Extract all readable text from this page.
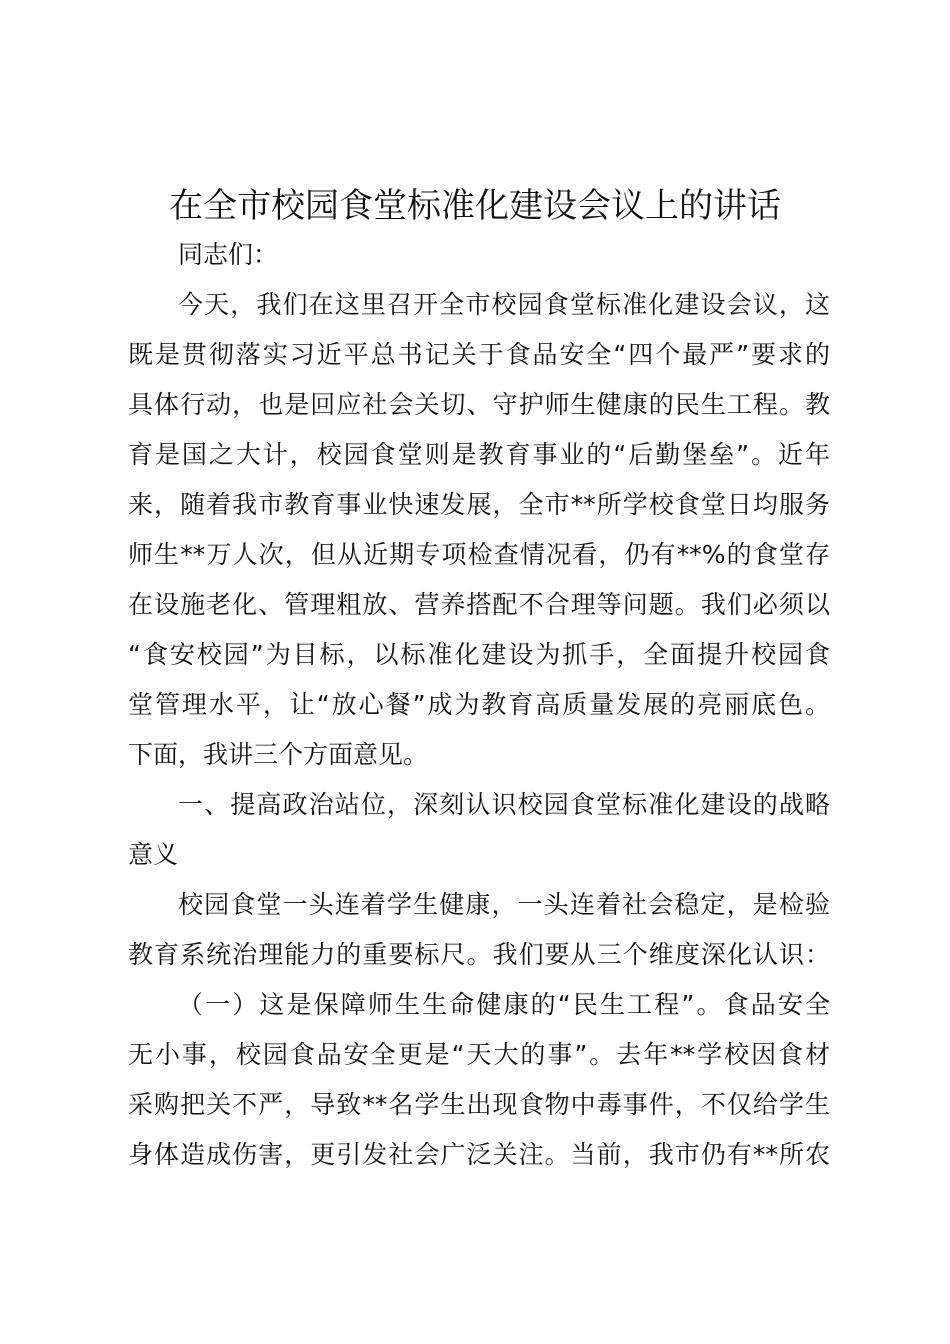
在全市校园食堂标准化建设会议上的讲话
同志们：
今天，我们在这里召开全市校园食堂标准化建设会议，这
既是贯彻落实习近平总书记关于食品安全“四个最严”要求的
具体行动，也是回应社会关切、守护师生健康的民生工程。教
育是国之大计，校园食堂则是教育事业的“后勤堡垒”。近年
来，随着我市教育事业快速发展，全市**所学校食堂日均服务
师生**万人次，但从近期专项检查情况看，仍有**%的食堂存
在设施老化、管理粗放、营养搭配不合理等问题。我们必须以
“食安校园”为目标，以标准化建设为抓手，全面提升校园食
堂管理水平，让“放心餐”成为教育高质量发展的亮丽底色。
下面，我讲三个方面意见。
一、提高政治站位，深刻认识校园食堂标准化建设的战略
意义
校园食堂一头连着学生健康，一头连着社会稳定，是检验
教育系统治理能力的重要标尺。我们要从三个维度深化认识：
（一）这是保障师生生命健康的“民生工程”。食品安全
无小事，校园食品安全更是“天大的事”。去年**学校因食材
采购把关不严，导致**名学生出现食物中毒事件，不仅给学生
身体造成伤害，更引发社会广泛关注。当前，我市仍有**所农
